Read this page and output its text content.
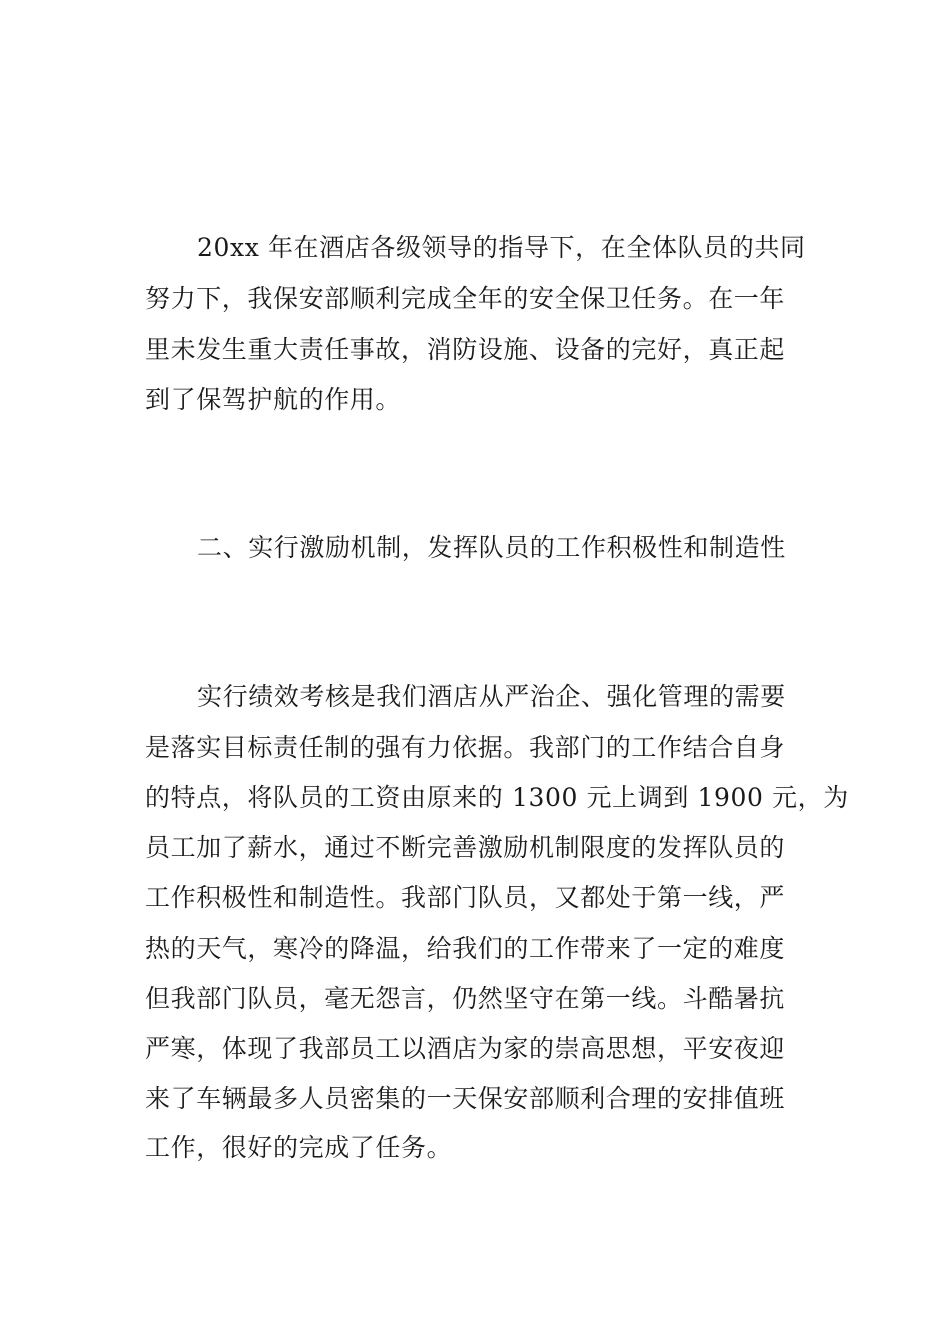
20xx 年在酒店各级领导的指导下，在全体队员的共同
努力下，我保安部顺利完成全年的安全保卫任务。在一年
里未发生重大责任事故，消防设施、设备的完好，真正起
到了保驾护航的作用。
二、实行激励机制，发挥队员的工作积极性和制造性
实行绩效考核是我们酒店从严治企、强化管理的需要
是落实目标责任制的强有力依据。我部门的工作结合自身
的特点，将队员的工资由原来的 1300 元上调到 1900 元，为
员工加了薪水，通过不断完善激励机制限度的发挥队员的
工作积极性和制造性。我部门队员，又都处于第一线，严
热的天气，寒冷的降温，给我们的工作带来了一定的难度
但我部门队员，毫无怨言，仍然坚守在第一线。斗酷暑抗
严寒，体现了我部员工以酒店为家的崇高思想，平安夜迎
来了车辆最多人员密集的一天保安部顺利合理的安排值班
工作，很好的完成了任务。
